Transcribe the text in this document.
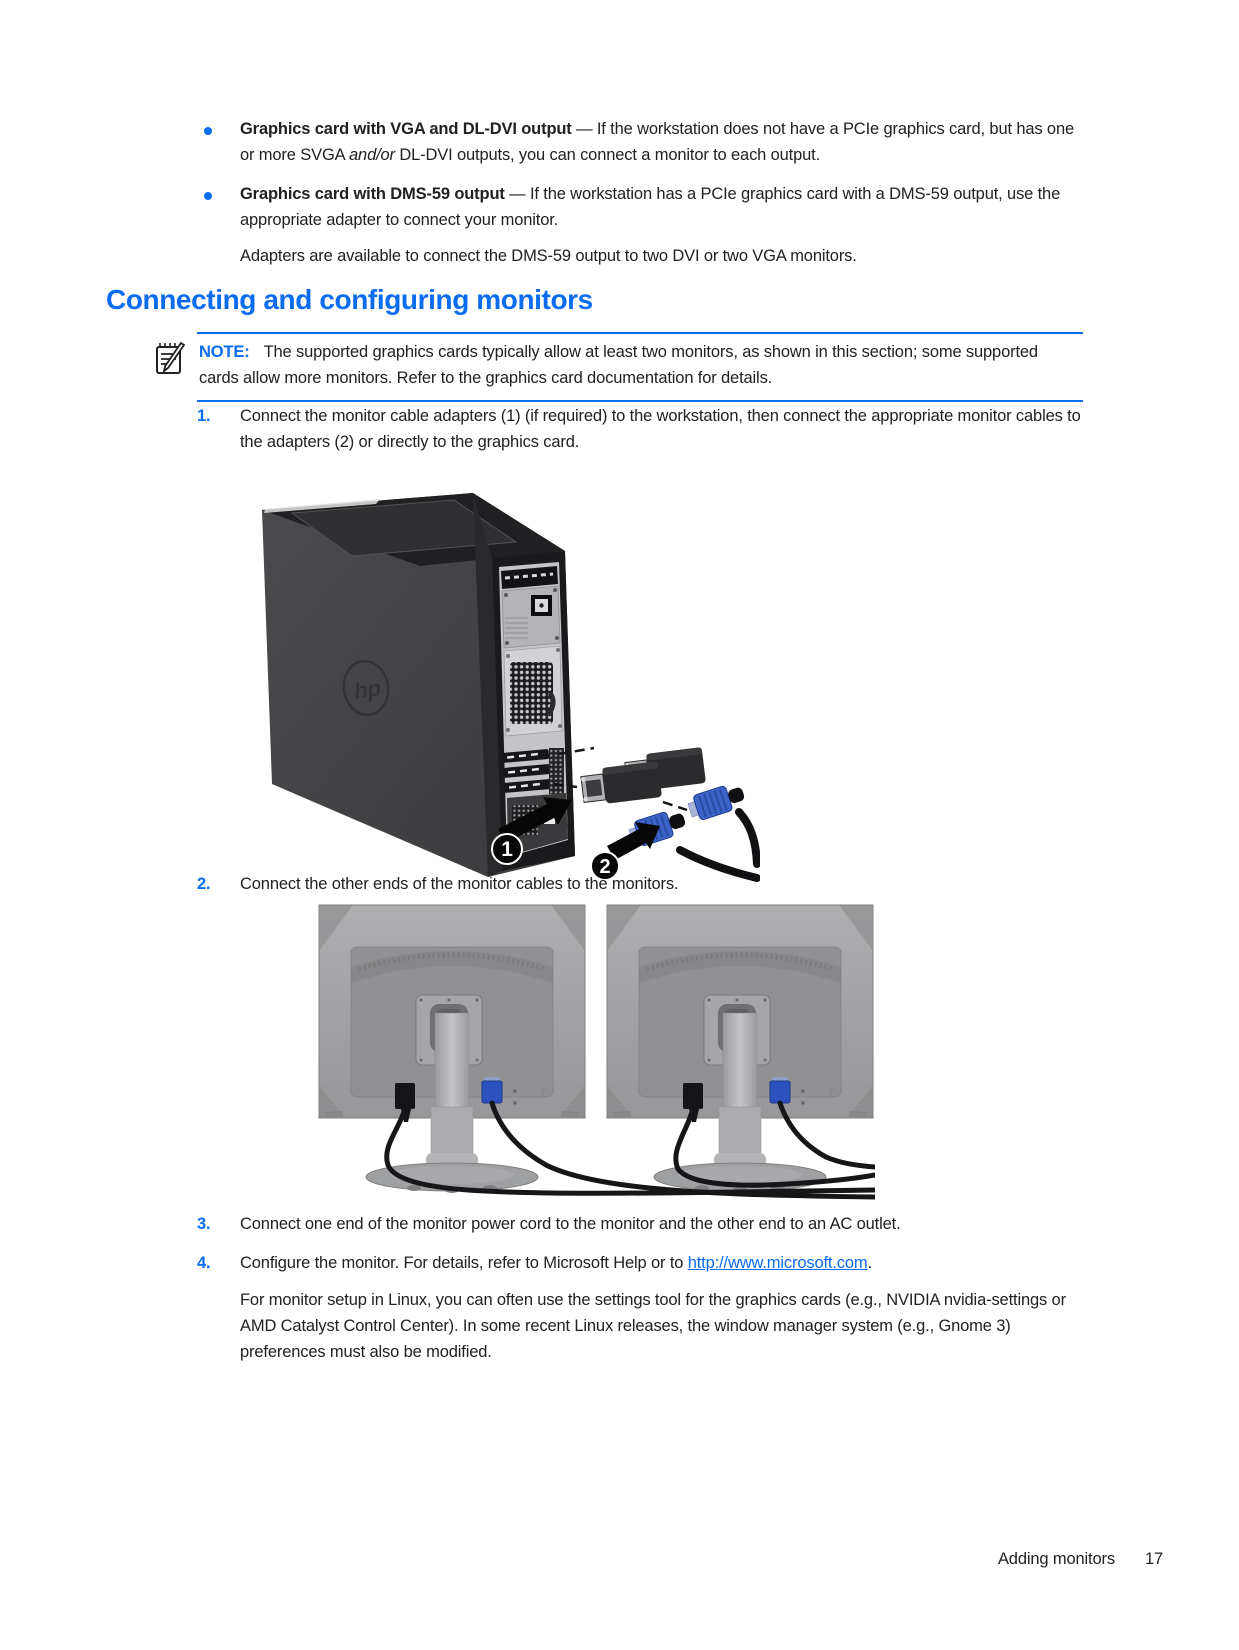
Graphics card with VGA and DL-DVI output — If the workstation does not have a PCIe graphics card, but has one or more SVGA and/or DL-DVI outputs, you can connect a monitor to each output.
Graphics card with DMS-59 output — If the workstation has a PCIe graphics card with a DMS-59 output, use the appropriate adapter to connect your monitor.
Adapters are available to connect the DMS-59 output to two DVI or two VGA monitors.
Connecting and configuring monitors
NOTE: The supported graphics cards typically allow at least two monitors, as shown in this section; some supported cards allow more monitors. Refer to the graphics card documentation for details.
1.	Connect the monitor cable adapters (1) (if required) to the workstation, then connect the appropriate monitor cables to the adapters (2) or directly to the graphics card.
hp
1
2
2.	Connect the other ends of the monitor cables to the monitors.
3.	Connect one end of the monitor power cord to the monitor and the other end to an AC outlet.
4.	Configure the monitor. For details, refer to Microsoft Help or to http://www.microsoft.com.
For monitor setup in Linux, you can often use the settings tool for the graphics cards (e.g., NVIDIA nvidia-settings or AMD Catalyst Control Center). In some recent Linux releases, the window manager system (e.g., Gnome 3) preferences must also be modified.
Adding monitors 17
